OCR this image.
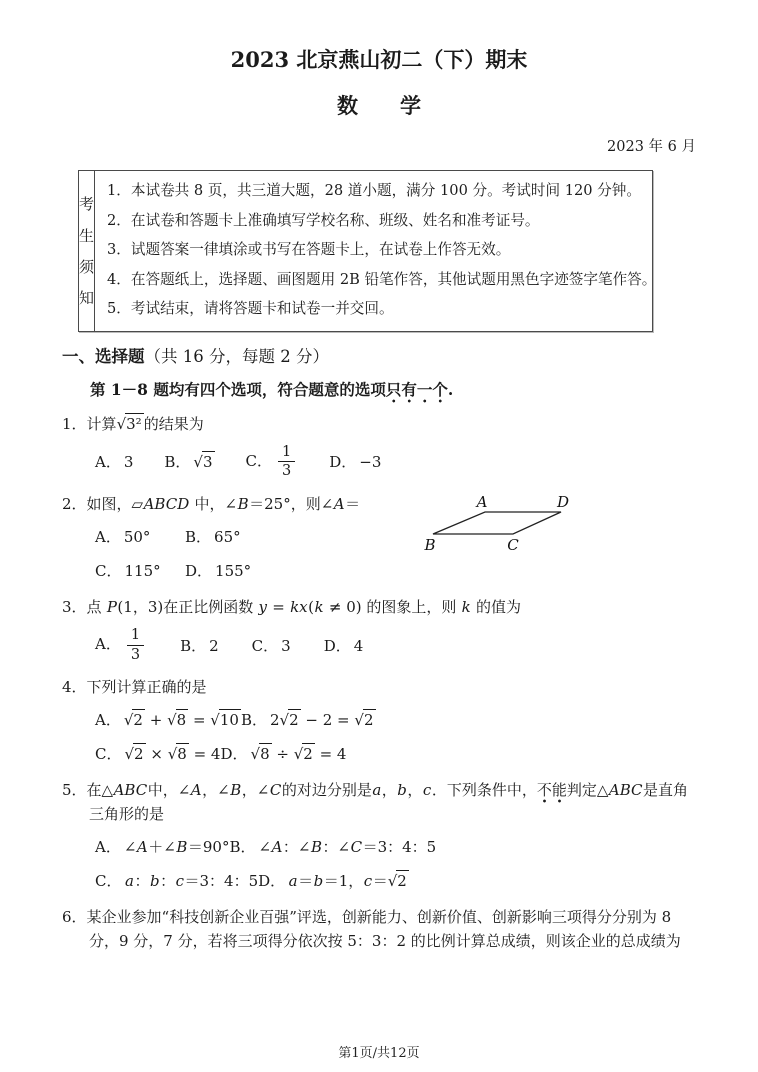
2023 北京燕山初二（下）期末
数　　学
2023 年 6 月
考
生
须
知
1．本试卷共 8 页，共三道大题，28 道小题，满分 100 分。考试时间 120 分钟。
2．在试卷和答题卡上准确填写学校名称、班级、姓名和准考证号。
3．试题答案一律填涂或书写在答题卡上，在试卷上作答无效。
4．在答题纸上，选择题、画图题用 2B 铅笔作答，其他试题用黑色字迹签字笔作答。
5．考试结束，请将答题卡和试卷一并交回。
一、选择题（共 16 分，每题 2 分）
第 1－8 题均有四个选项，符合题意的选项只有一个.
1．计算√3² 的结果为
A． 3 B． √3 C． $\frac{1}{3}$ D． −3
2．如图，▱ABCD 中，∠B＝25°，则∠A＝	A	D
B	C
A． 50° B． 65°
C． 115° D． 155°
3．点 P(1，3)在正比例函数 y = kx(k ≠ 0) 的图象上，则 k 的值为
A． $\frac{1}{3}$ B． 2 C． 3 D． 4
4．下列计算正确的是
A． √2 + √8 = √10 B． 2√2 − 2 = √2
C． √2 × √8 = 4D． √8 ÷ √2 = 4
5．在△ABC中，∠A，∠B，∠C的对边分别是a，b，c．下列条件中，不能判定△ABC是直角三角形的是
A． ∠A＋∠B＝90°B． ∠A：∠B：∠C＝3：4：5
C． a：b：c＝3：4：5D． a＝b＝1，c＝√2
6．某企业参加“科技创新企业百强”评选，创新能力、创新价值、创新影响三项得分分别为 8 分，9 分，7 分，若将三项得分依次按 5：3：2 的比例计算总成绩，则该企业的总成绩为
第1页/共12页
